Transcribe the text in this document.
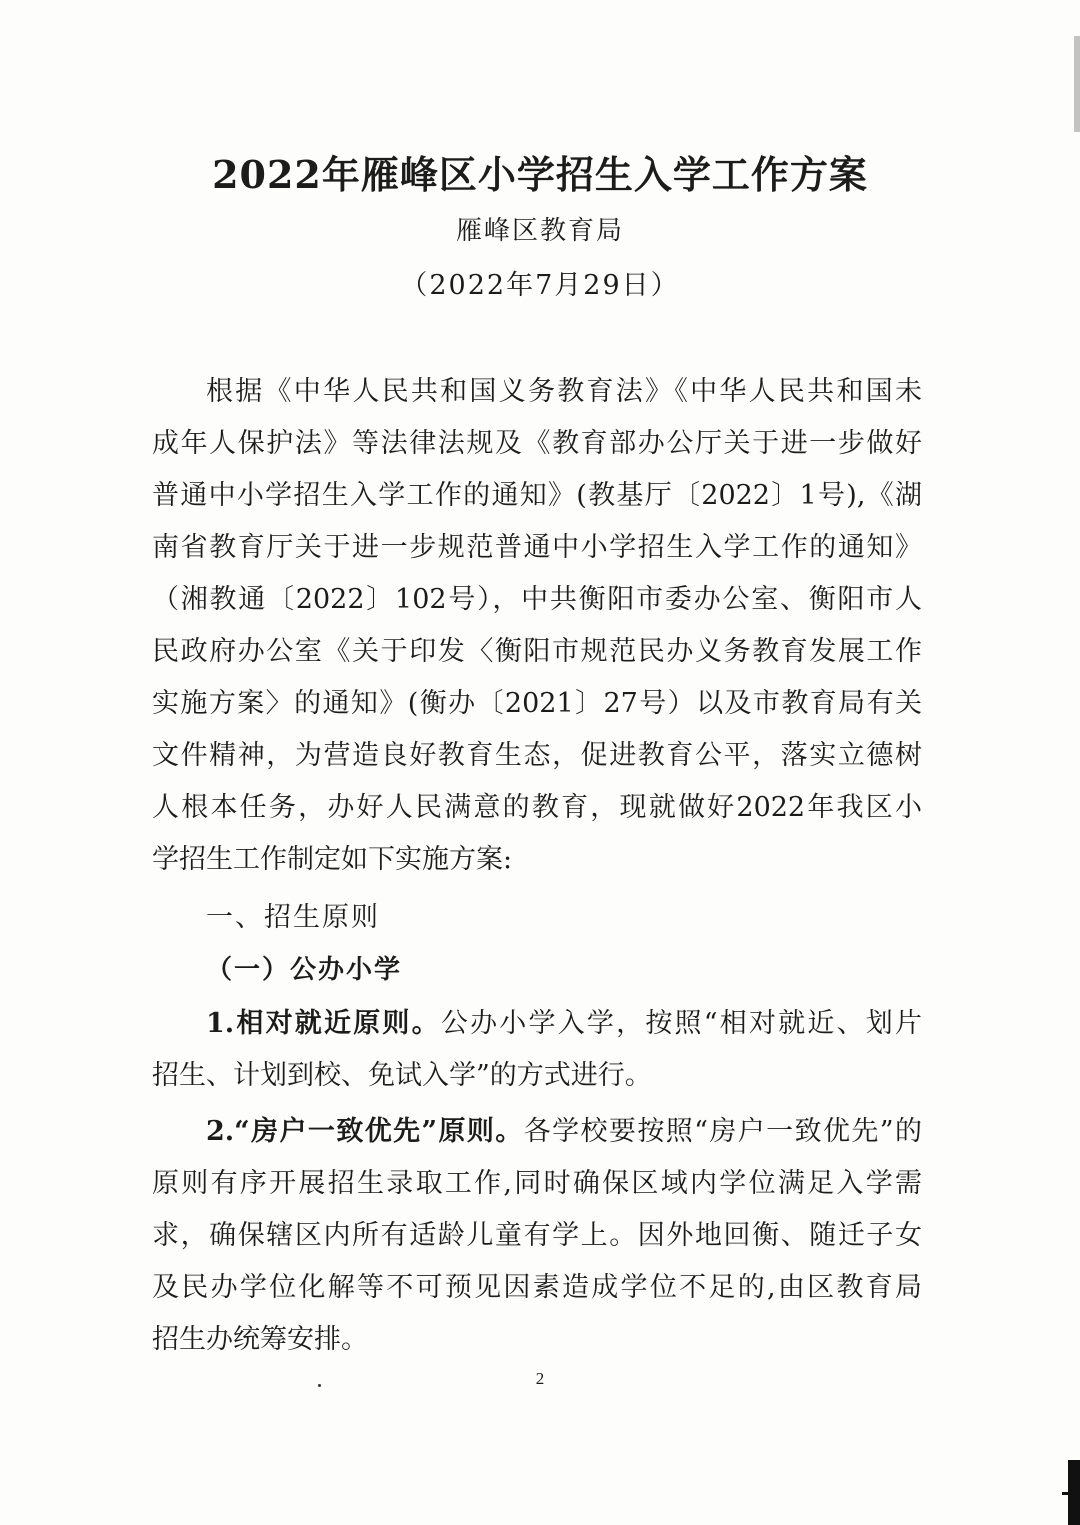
2022年雁峰区小学招生入学工作方案
雁峰区教育局
（2022年7月29日）
根据《中华人民共和国义务教育法》《中华人民共和国未
成年人保护法》等法律法规及《教育部办公厅关于进一步做好
普通中小学招生入学工作的通知》(教基厅〔2022〕1号),《湖
南省教育厅关于进一步规范普通中小学招生入学工作的通知》
（湘教通〔2022〕102号），中共衡阳市委办公室、衡阳市人
民政府办公室《关于印发〈衡阳市规范民办义务教育发展工作
实施方案〉的通知》(衡办〔2021〕27号）以及市教育局有关
文件精神，为营造良好教育生态，促进教育公平，落实立德树
人根本任务，办好人民满意的教育，现就做好2022年我区小
学招生工作制定如下实施方案:
一、招生原则
（一）公办小学
1.相对就近原则。公办小学入学，按照“相对就近、划片
招生、计划到校、免试入学”的方式进行。
2.“房户一致优先”原则。各学校要按照“房户一致优先”的
原则有序开展招生录取工作,同时确保区域内学位满足入学需
求，确保辖区内所有适龄儿童有学上。因外地回衡、随迁子女
及民办学位化解等不可预见因素造成学位不足的,由区教育局
招生办统筹安排。
2
